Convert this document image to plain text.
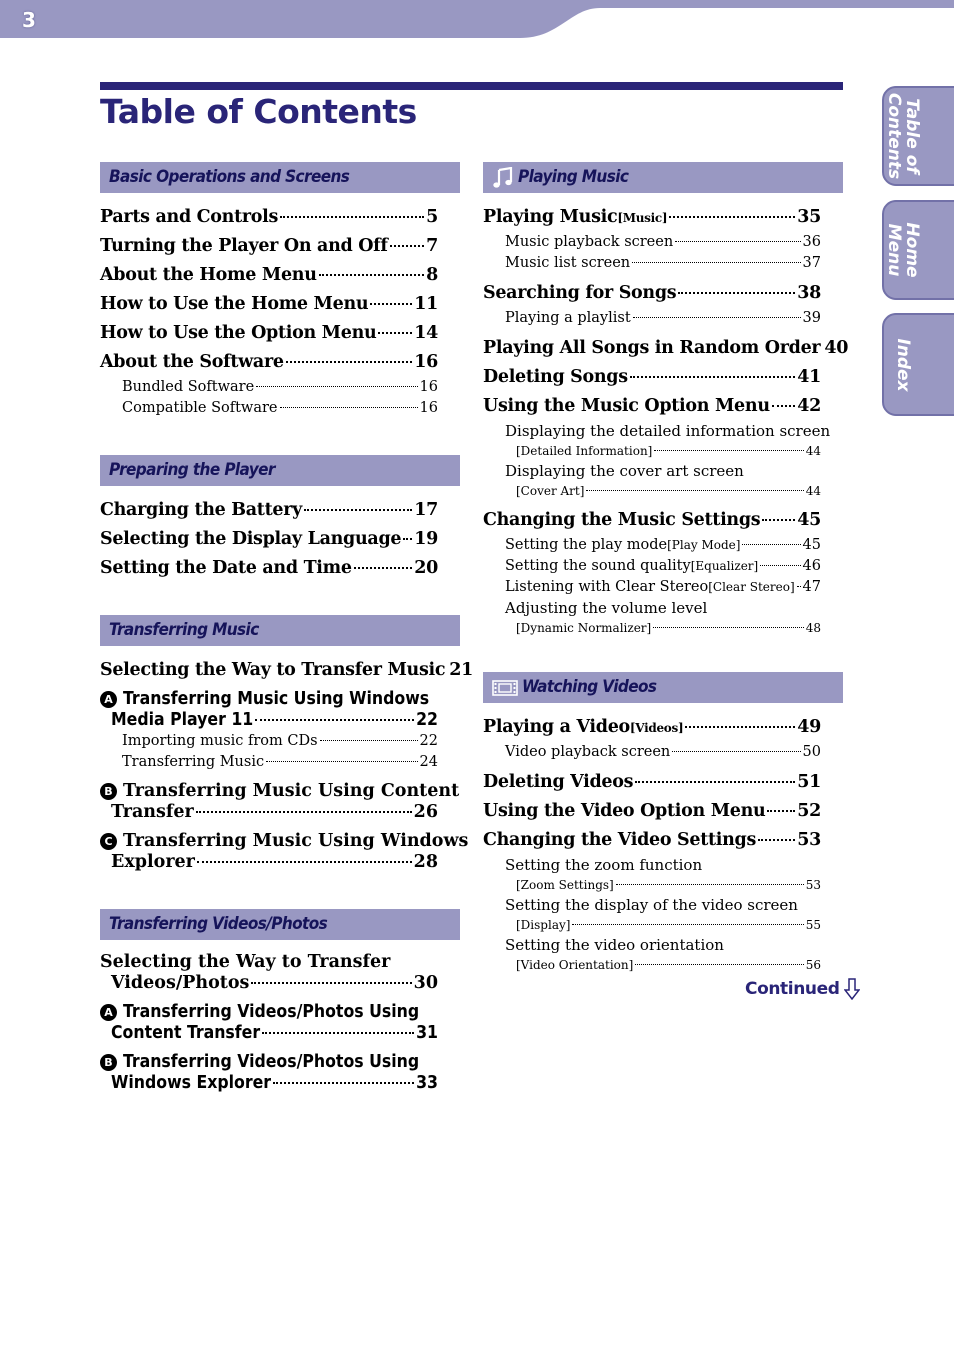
3
Table of Contents	Table of
Contents
Home
Menu
Index
Basic Operations and Screens
Parts and Controls	5
Turning the Player On and Off 7
About the Home Menu	8
How to Use the Home Menu	11
How to Use the Option Menu 14
About the Software	16
Bundled Software	16
Compatible Software	16
Preparing the Player
Charging the Battery	17
Selecting the Display Language 19
Setting the Date and Time	20
Transferring Music
Selecting the Way to Transfer Music 21
A Transferring Music Using Windows
Media Player 11	22
Importing music from CDs	22
Transferring Music	24
B Transferring Music Using Content
Transfer	26
C Transferring Music Using Windows
Explorer	28
Transferring Videos/Photos
Selecting the Way to Transfer
Videos/Photos	30
A Transferring Videos/Photos Using
Content Transfer	31
B Transferring Videos/Photos Using
Windows Explorer	33
Playing Music
Playing Music [Music]	35
Music playback screen	36
Music list screen	37
Searching for Songs	38
Playing a playlist	39
Playing All Songs in Random Order 40
Deleting Songs	41
Using the Music Option Menu 42
Displaying the detailed information screen
[Detailed Information]	44
Displaying the cover art screen
[Cover Art]	44
Changing the Music Settings 45
Setting the play mode [Play Mode]	45
Setting the sound quality [Equalizer]	46
Listening with Clear Stereo [Clear Stereo] 47
Adjusting the volume level
[Dynamic Normalizer]	48
Watching Videos
Playing a Video [Videos]	49
Video playback screen	50
Deleting Videos	51
Using the Video Option Menu 52
Changing the Video Settings 53
Setting the zoom function
[Zoom Settings]	53
Setting the display of the video screen
[Display]	55
Setting the video orientation
[Video Orientation]	56
Continued
